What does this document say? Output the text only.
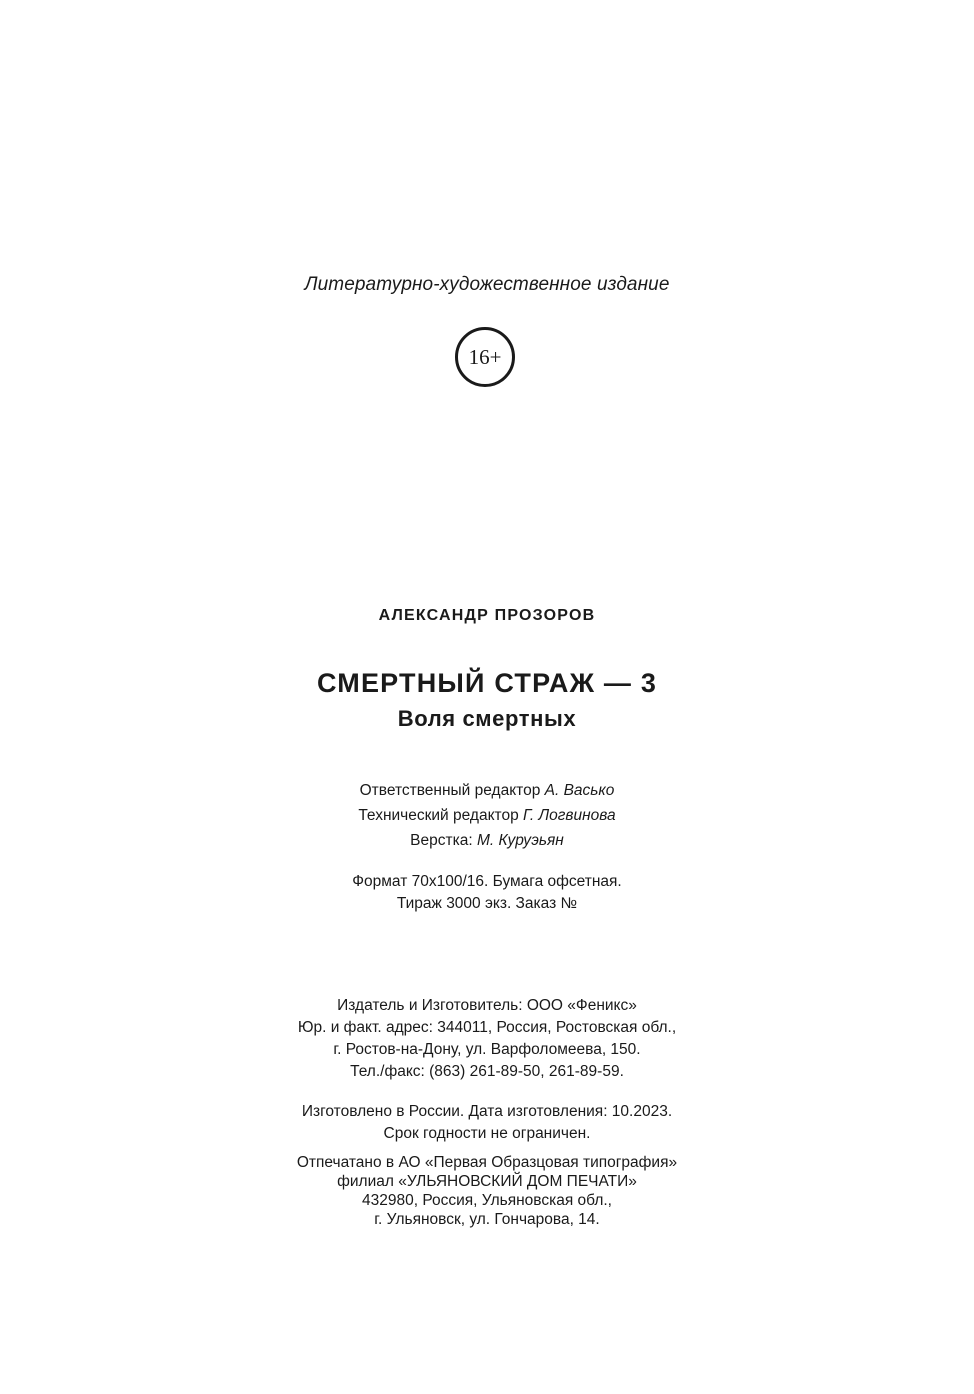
Литературно-художественное издание
16+
АЛЕКСАНДР ПРОЗОРОВ
СМЕРТНЫЙ СТРАЖ — 3
Воля смертных
Ответственный редактор А. Васько
Технический редактор Г. Логвинова
Верстка: М. Куруэьян
Формат 70x100/16. Бумага офсетная.
Тираж 3000 экз. Заказ №
Издатель и Изготовитель: ООО «Феникс»
Юр. и факт. адрес: 344011, Россия, Ростовская обл.,
г. Ростов-на-Дону, ул. Варфоломеева, 150.
Тел./факс: (863) 261-89-50, 261-89-59.
Изготовлено в России. Дата изготовления: 10.2023.
Срок годности не ограничен.
Отпечатано в АО «Первая Образцовая типография»
филиал «УЛЬЯНОВСКИЙ ДОМ ПЕЧАТИ»
432980, Россия, Ульяновская обл.,
г. Ульяновск, ул. Гончарова, 14.
